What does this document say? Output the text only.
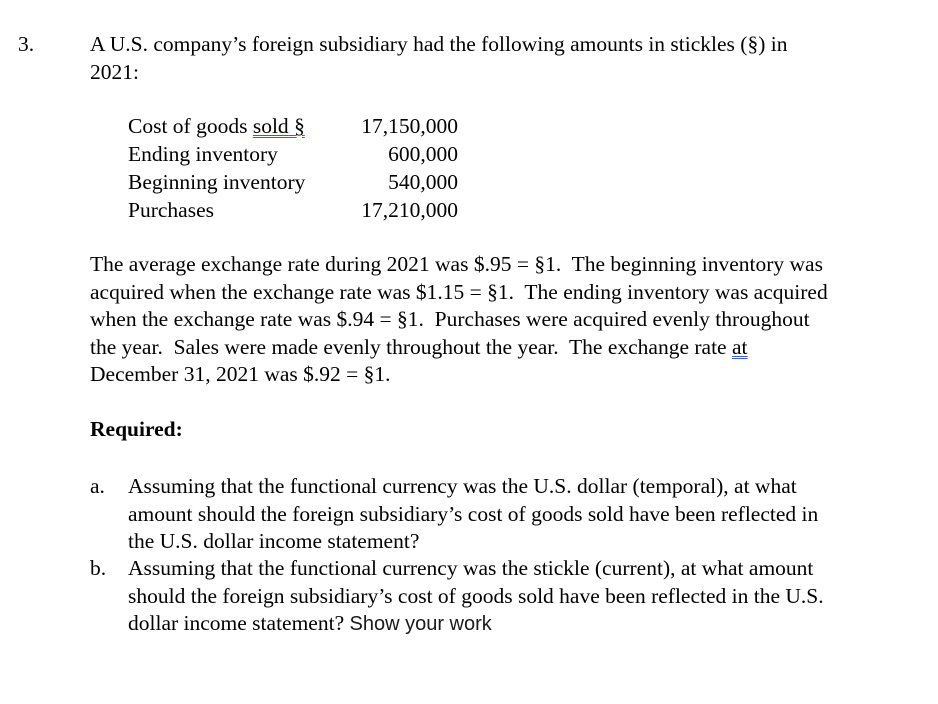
3.	A U.S. company’s foreign subsidiary had the following amounts in stickles (§) in
2021:
Cost of goods sold § 17,150,000
Ending inventory	600,000
Beginning inventory	540,000
Purchases	17,210,000
The average exchange rate during 2021 was $.95 = §1.  The beginning inventory was
acquired when the exchange rate was $1.15 = §1.  The ending inventory was acquired
when the exchange rate was $.94 = §1.  Purchases were acquired evenly throughout
the year.  Sales were made evenly throughout the year.  The exchange rate at
December 31, 2021 was $.92 = §1.
Required:
a.	Assuming that the functional currency was the U.S. dollar (temporal), at what
amount should the foreign subsidiary’s cost of goods sold have been reflected in
the U.S. dollar income statement?
b.	Assuming that the functional currency was the stickle (current), at what amount
should the foreign subsidiary’s cost of goods sold have been reflected in the U.S.
dollar income statement? Show your work
